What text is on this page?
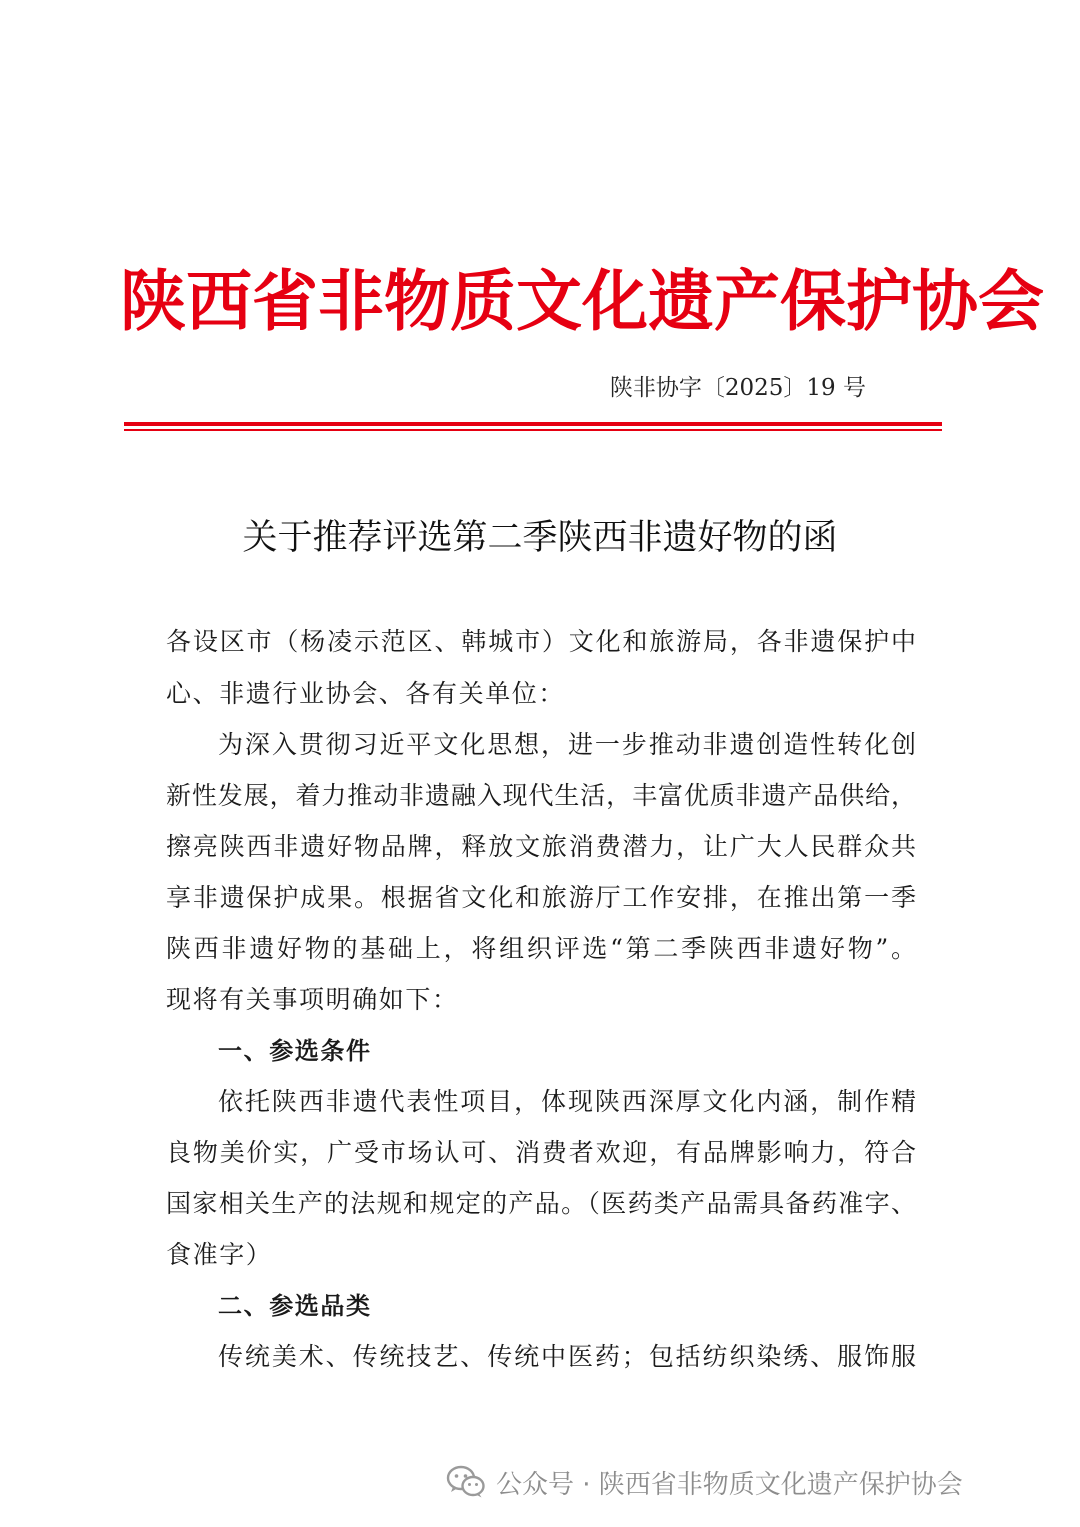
陕西省非物质文化遗产保护协会
陕非协字〔2025〕19 号
关于推荐评选第二季陕西非遗好物的函
各设区市（杨凌示范区、韩城市）文化和旅游局，各非遗保护中
心、非遗行业协会、各有关单位：
为深入贯彻习近平文化思想，进一步推动非遗创造性转化创
新性发展，着力推动非遗融入现代生活，丰富优质非遗产品供给，
擦亮陕西非遗好物品牌，释放文旅消费潜力，让广大人民群众共
享非遗保护成果。根据省文化和旅游厅工作安排，在推出第一季
陕西非遗好物的基础上，将组织评选“第二季陕西非遗好物”。
现将有关事项明确如下：
一、参选条件
依托陕西非遗代表性项目，体现陕西深厚文化内涵，制作精
良物美价实，广受市场认可、消费者欢迎，有品牌影响力，符合
国家相关生产的法规和规定的产品。（医药类产品需具备药准字、
食准字）
二、参选品类
传统美术、传统技艺、传统中医药；包括纺织染绣、服饰服
公众号 · 陕西省非物质文化遗产保护协会
